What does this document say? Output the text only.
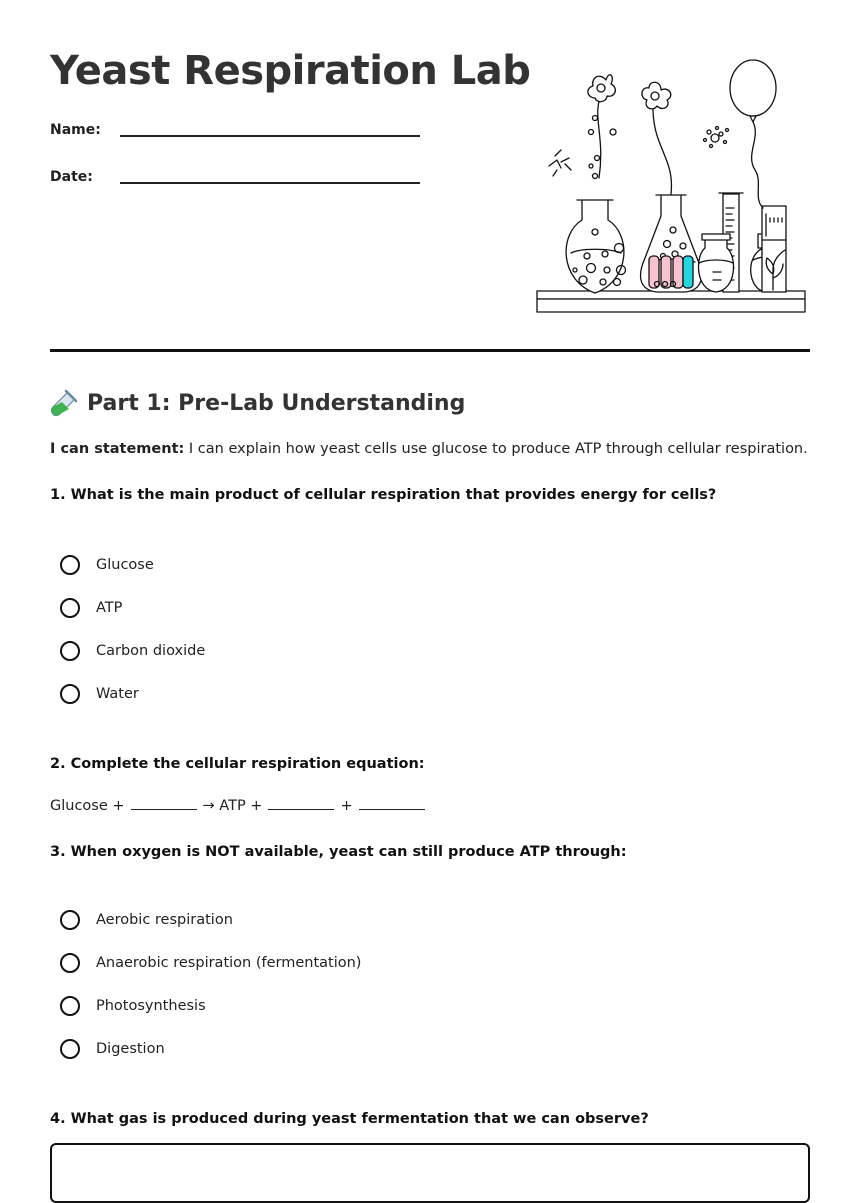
Yeast Respiration Lab
Name:
Date:
Part 1: Pre-Lab Understanding
I can statement: I can explain how yeast cells use glucose to produce ATP through cellular respiration.
1. What is the main product of cellular respiration that provides energy for cells?
Glucose
ATP
Carbon dioxide
Water
2. Complete the cellular respiration equation:
Glucose +	→ ATP +	+
3. When oxygen is NOT available, yeast can still produce ATP through:
Aerobic respiration
Anaerobic respiration (fermentation)
Photosynthesis
Digestion
4. What gas is produced during yeast fermentation that we can observe?
